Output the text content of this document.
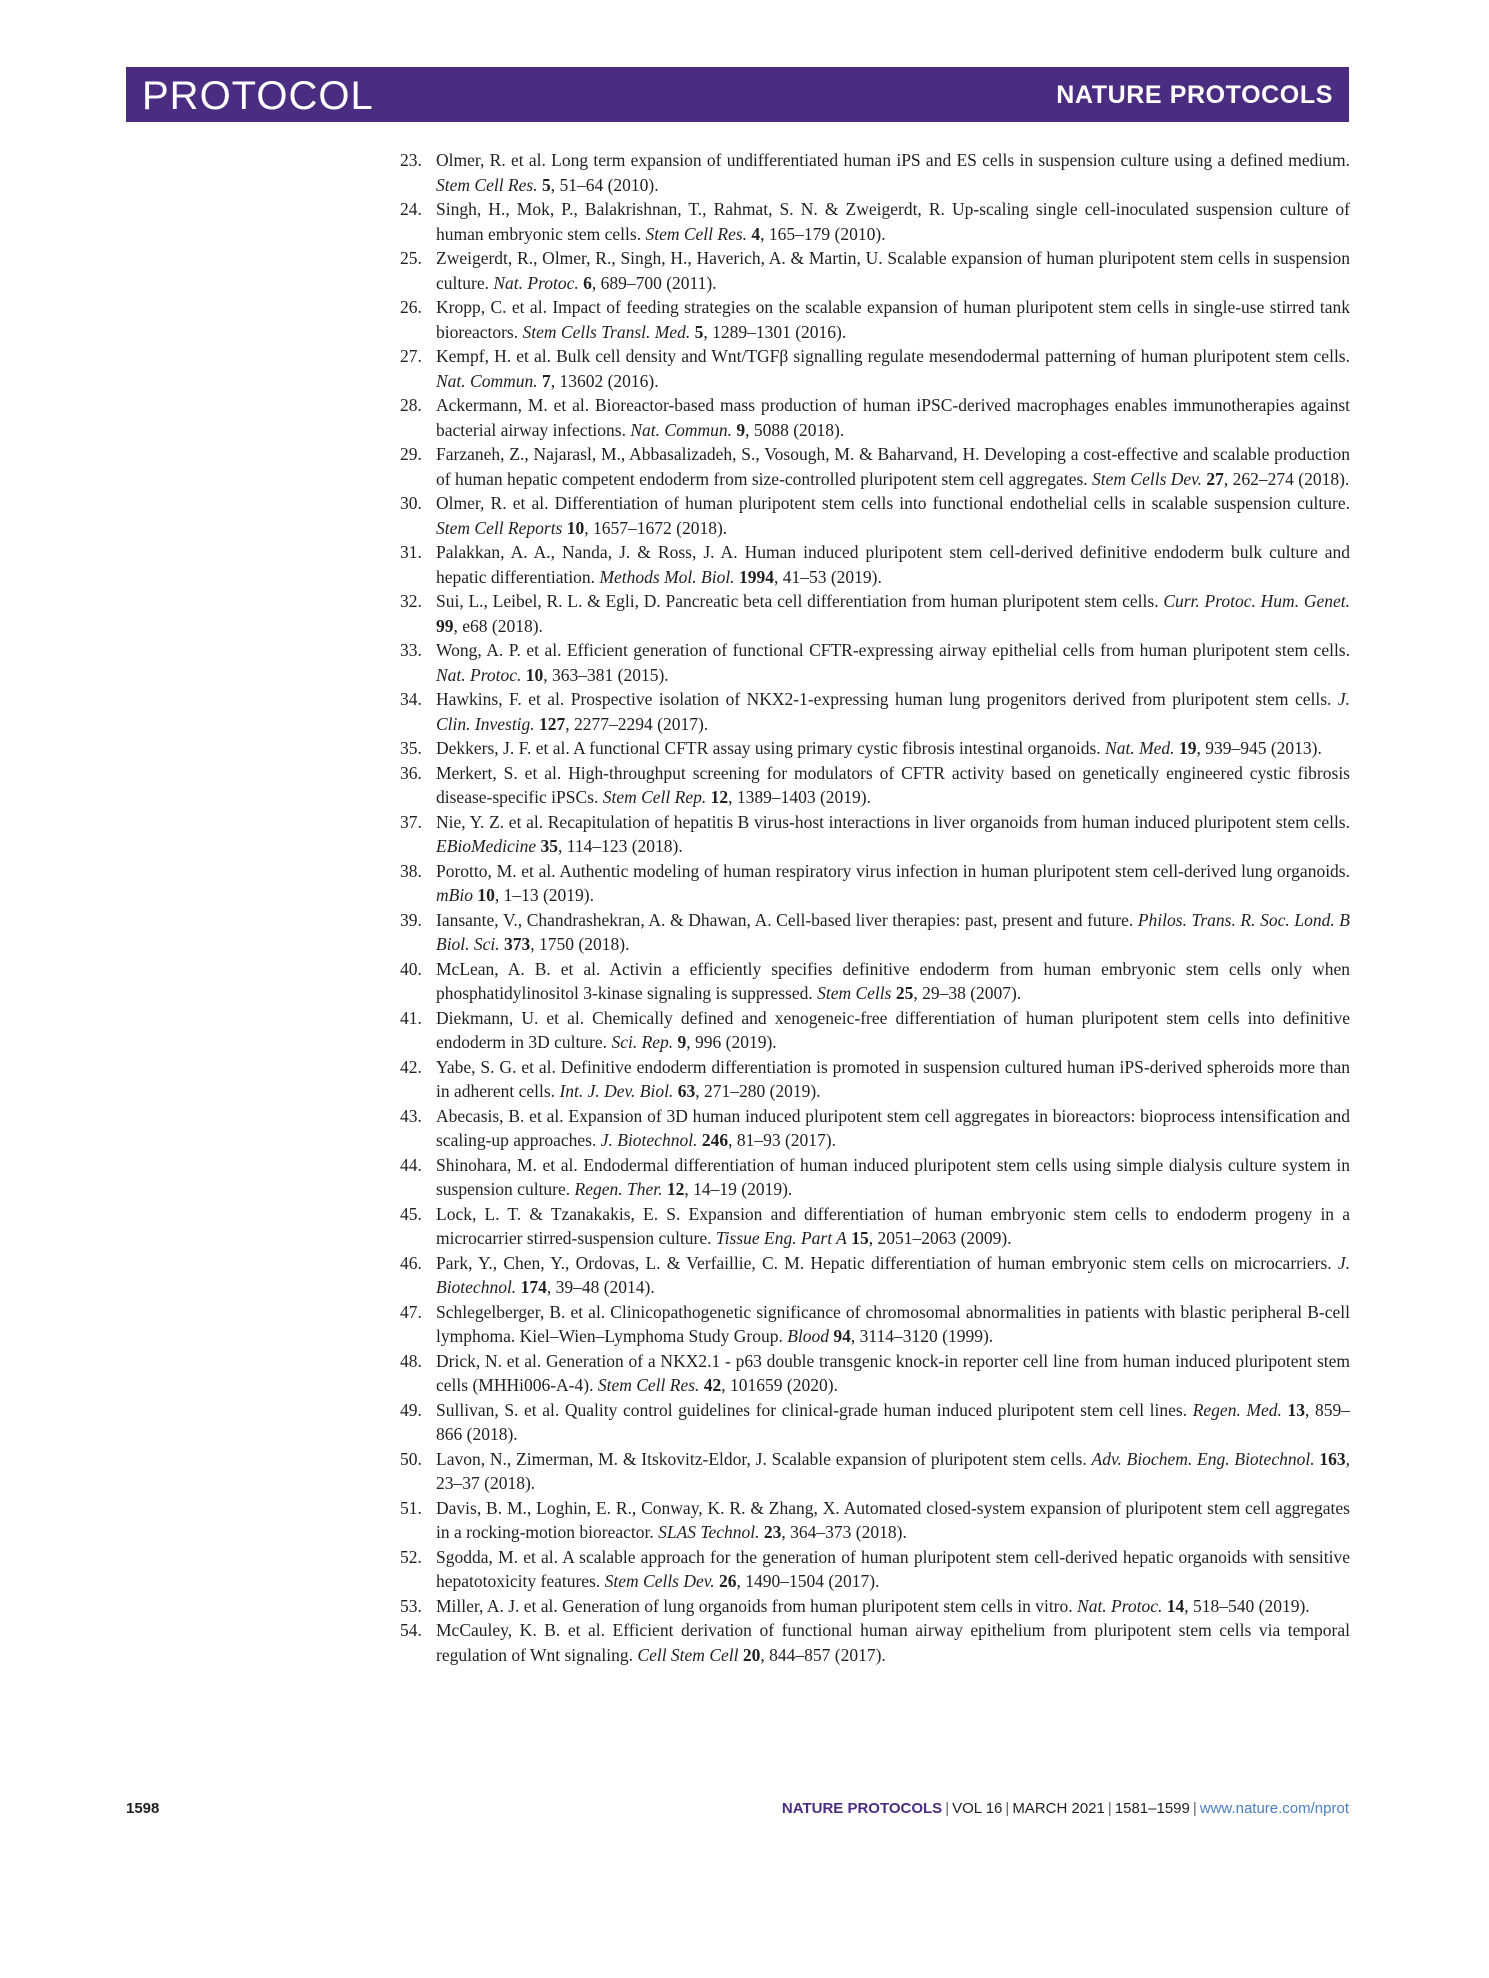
PROTOCOL	NATURE PROTOCOLS
23. Olmer, R. et al. Long term expansion of undifferentiated human iPS and ES cells in suspension culture using a defined medium. Stem Cell Res. 5, 51–64 (2010).
24. Singh, H., Mok, P., Balakrishnan, T., Rahmat, S. N. & Zweigerdt, R. Up-scaling single cell-inoculated suspension culture of human embryonic stem cells. Stem Cell Res. 4, 165–179 (2010).
25. Zweigerdt, R., Olmer, R., Singh, H., Haverich, A. & Martin, U. Scalable expansion of human pluripotent stem cells in suspension culture. Nat. Protoc. 6, 689–700 (2011).
26. Kropp, C. et al. Impact of feeding strategies on the scalable expansion of human pluripotent stem cells in single-use stirred tank bioreactors. Stem Cells Transl. Med. 5, 1289–1301 (2016).
27. Kempf, H. et al. Bulk cell density and Wnt/TGFβ signalling regulate mesendodermal patterning of human pluripotent stem cells. Nat. Commun. 7, 13602 (2016).
28. Ackermann, M. et al. Bioreactor-based mass production of human iPSC-derived macrophages enables immunotherapies against bacterial airway infections. Nat. Commun. 9, 5088 (2018).
29. Farzaneh, Z., Najarasl, M., Abbasalizadeh, S., Vosough, M. & Baharvand, H. Developing a cost-effective and scalable production of human hepatic competent endoderm from size-controlled pluripotent stem cell aggregates. Stem Cells Dev. 27, 262–274 (2018).
30. Olmer, R. et al. Differentiation of human pluripotent stem cells into functional endothelial cells in scalable suspension culture. Stem Cell Reports 10, 1657–1672 (2018).
31. Palakkan, A. A., Nanda, J. & Ross, J. A. Human induced pluripotent stem cell-derived definitive endoderm bulk culture and hepatic differentiation. Methods Mol. Biol. 1994, 41–53 (2019).
32. Sui, L., Leibel, R. L. & Egli, D. Pancreatic beta cell differentiation from human pluripotent stem cells. Curr. Protoc. Hum. Genet. 99, e68 (2018).
33. Wong, A. P. et al. Efficient generation of functional CFTR-expressing airway epithelial cells from human pluripotent stem cells. Nat. Protoc. 10, 363–381 (2015).
34. Hawkins, F. et al. Prospective isolation of NKX2-1-expressing human lung progenitors derived from pluripotent stem cells. J. Clin. Investig. 127, 2277–2294 (2017).
35. Dekkers, J. F. et al. A functional CFTR assay using primary cystic fibrosis intestinal organoids. Nat. Med. 19, 939–945 (2013).
36. Merkert, S. et al. High-throughput screening for modulators of CFTR activity based on genetically engineered cystic fibrosis disease-specific iPSCs. Stem Cell Rep. 12, 1389–1403 (2019).
37. Nie, Y. Z. et al. Recapitulation of hepatitis B virus-host interactions in liver organoids from human induced pluripotent stem cells. EBioMedicine 35, 114–123 (2018).
38. Porotto, M. et al. Authentic modeling of human respiratory virus infection in human pluripotent stem cell-derived lung organoids. mBio 10, 1–13 (2019).
39. Iansante, V., Chandrashekran, A. & Dhawan, A. Cell-based liver therapies: past, present and future. Philos. Trans. R. Soc. Lond. B Biol. Sci. 373, 1750 (2018).
40. McLean, A. B. et al. Activin a efficiently specifies definitive endoderm from human embryonic stem cells only when phosphatidylinositol 3-kinase signaling is suppressed. Stem Cells 25, 29–38 (2007).
41. Diekmann, U. et al. Chemically defined and xenogeneic-free differentiation of human pluripotent stem cells into definitive endoderm in 3D culture. Sci. Rep. 9, 996 (2019).
42. Yabe, S. G. et al. Definitive endoderm differentiation is promoted in suspension cultured human iPS-derived spheroids more than in adherent cells. Int. J. Dev. Biol. 63, 271–280 (2019).
43. Abecasis, B. et al. Expansion of 3D human induced pluripotent stem cell aggregates in bioreactors: bioprocess intensification and scaling-up approaches. J. Biotechnol. 246, 81–93 (2017).
44. Shinohara, M. et al. Endodermal differentiation of human induced pluripotent stem cells using simple dialysis culture system in suspension culture. Regen. Ther. 12, 14–19 (2019).
45. Lock, L. T. & Tzanakakis, E. S. Expansion and differentiation of human embryonic stem cells to endoderm progeny in a microcarrier stirred-suspension culture. Tissue Eng. Part A 15, 2051–2063 (2009).
46. Park, Y., Chen, Y., Ordovas, L. & Verfaillie, C. M. Hepatic differentiation of human embryonic stem cells on microcarriers. J. Biotechnol. 174, 39–48 (2014).
47. Schlegelberger, B. et al. Clinicopathogenetic significance of chromosomal abnormalities in patients with blastic peripheral B-cell lymphoma. Kiel–Wien–Lymphoma Study Group. Blood 94, 3114–3120 (1999).
48. Drick, N. et al. Generation of a NKX2.1 - p63 double transgenic knock-in reporter cell line from human induced pluripotent stem cells (MHHi006-A-4). Stem Cell Res. 42, 101659 (2020).
49. Sullivan, S. et al. Quality control guidelines for clinical-grade human induced pluripotent stem cell lines. Regen. Med. 13, 859–866 (2018).
50. Lavon, N., Zimerman, M. & Itskovitz-Eldor, J. Scalable expansion of pluripotent stem cells. Adv. Biochem. Eng. Biotechnol. 163, 23–37 (2018).
51. Davis, B. M., Loghin, E. R., Conway, K. R. & Zhang, X. Automated closed-system expansion of pluripotent stem cell aggregates in a rocking-motion bioreactor. SLAS Technol. 23, 364–373 (2018).
52. Sgodda, M. et al. A scalable approach for the generation of human pluripotent stem cell-derived hepatic organoids with sensitive hepatotoxicity features. Stem Cells Dev. 26, 1490–1504 (2017).
53. Miller, A. J. et al. Generation of lung organoids from human pluripotent stem cells in vitro. Nat. Protoc. 14, 518–540 (2019).
54. McCauley, K. B. et al. Efficient derivation of functional human airway epithelium from pluripotent stem cells via temporal regulation of Wnt signaling. Cell Stem Cell 20, 844–857 (2017).
1598	NATURE PROTOCOLS | VOL 16 | MARCH 2021 | 1581–1599 | www.nature.com/nprot
